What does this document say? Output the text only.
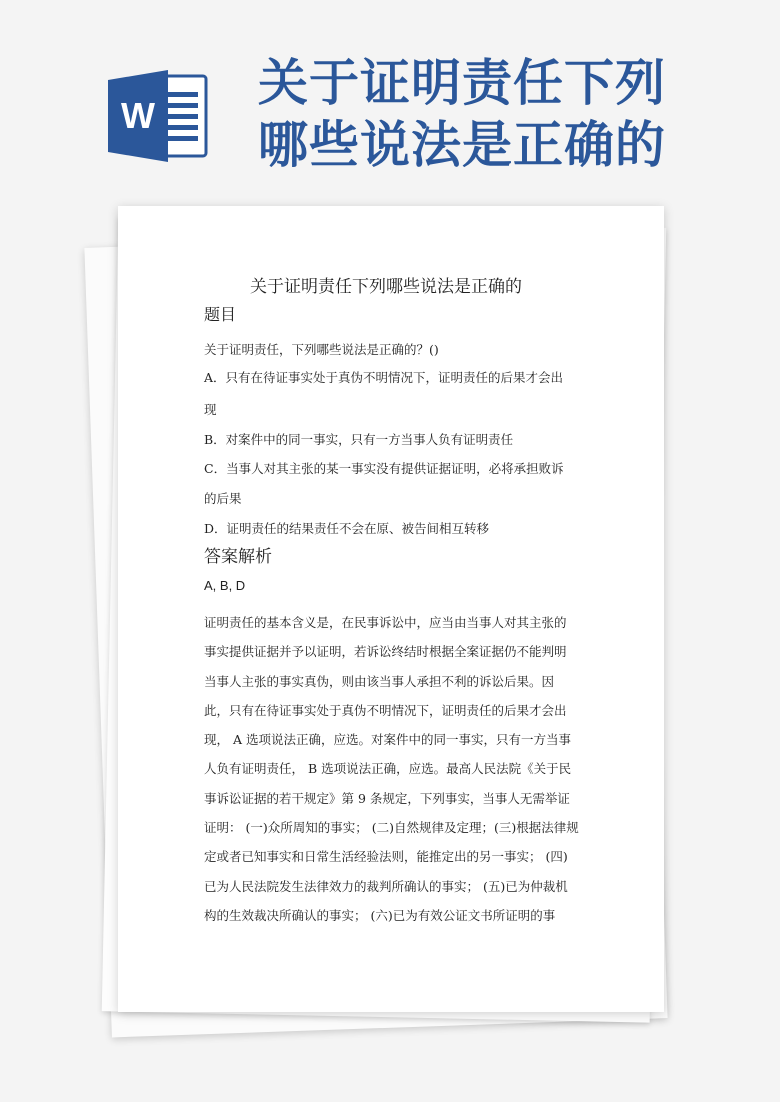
W
关于证明责任下列
哪些说法是正确的
关于证明责任下列哪些说法是正确的
题目
关于证明责任，下列哪些说法是正确的？()
A．只有在待证事实处于真伪不明情况下，证明责任的后果才会出
现
B．对案件中的同一事实，只有一方当事人负有证明责任
C．当事人对其主张的某一事实没有提供证据证明，必将承担败诉
的后果
D．证明责任的结果责任不会在原、被告间相互转移
答案解析
A, B, D
证明责任的基本含义是，在民事诉讼中，应当由当事人对其主张的
事实提供证据并予以证明，若诉讼终结时根据全案证据仍不能判明
当事人主张的事实真伪，则由该当事人承担不利的诉讼后果。因
此，只有在待证事实处于真伪不明情况下，证明责任的后果才会出
现， A 选项说法正确，应选。对案件中的同一事实，只有一方当事
人负有证明责任， B 选项说法正确，应选。最高人民法院《关于民
事诉讼证据的若干规定》第 9 条规定，下列事实，当事人无需举证
证明： (一)众所周知的事实； (二)自然规律及定理；(三)根据法律规
定或者已知事实和日常生活经验法则，能推定出的另一事实； (四)
已为人民法院发生法律效力的裁判所确认的事实； (五)已为仲裁机
构的生效裁决所确认的事实； (六)已为有效公证文书所证明的事
